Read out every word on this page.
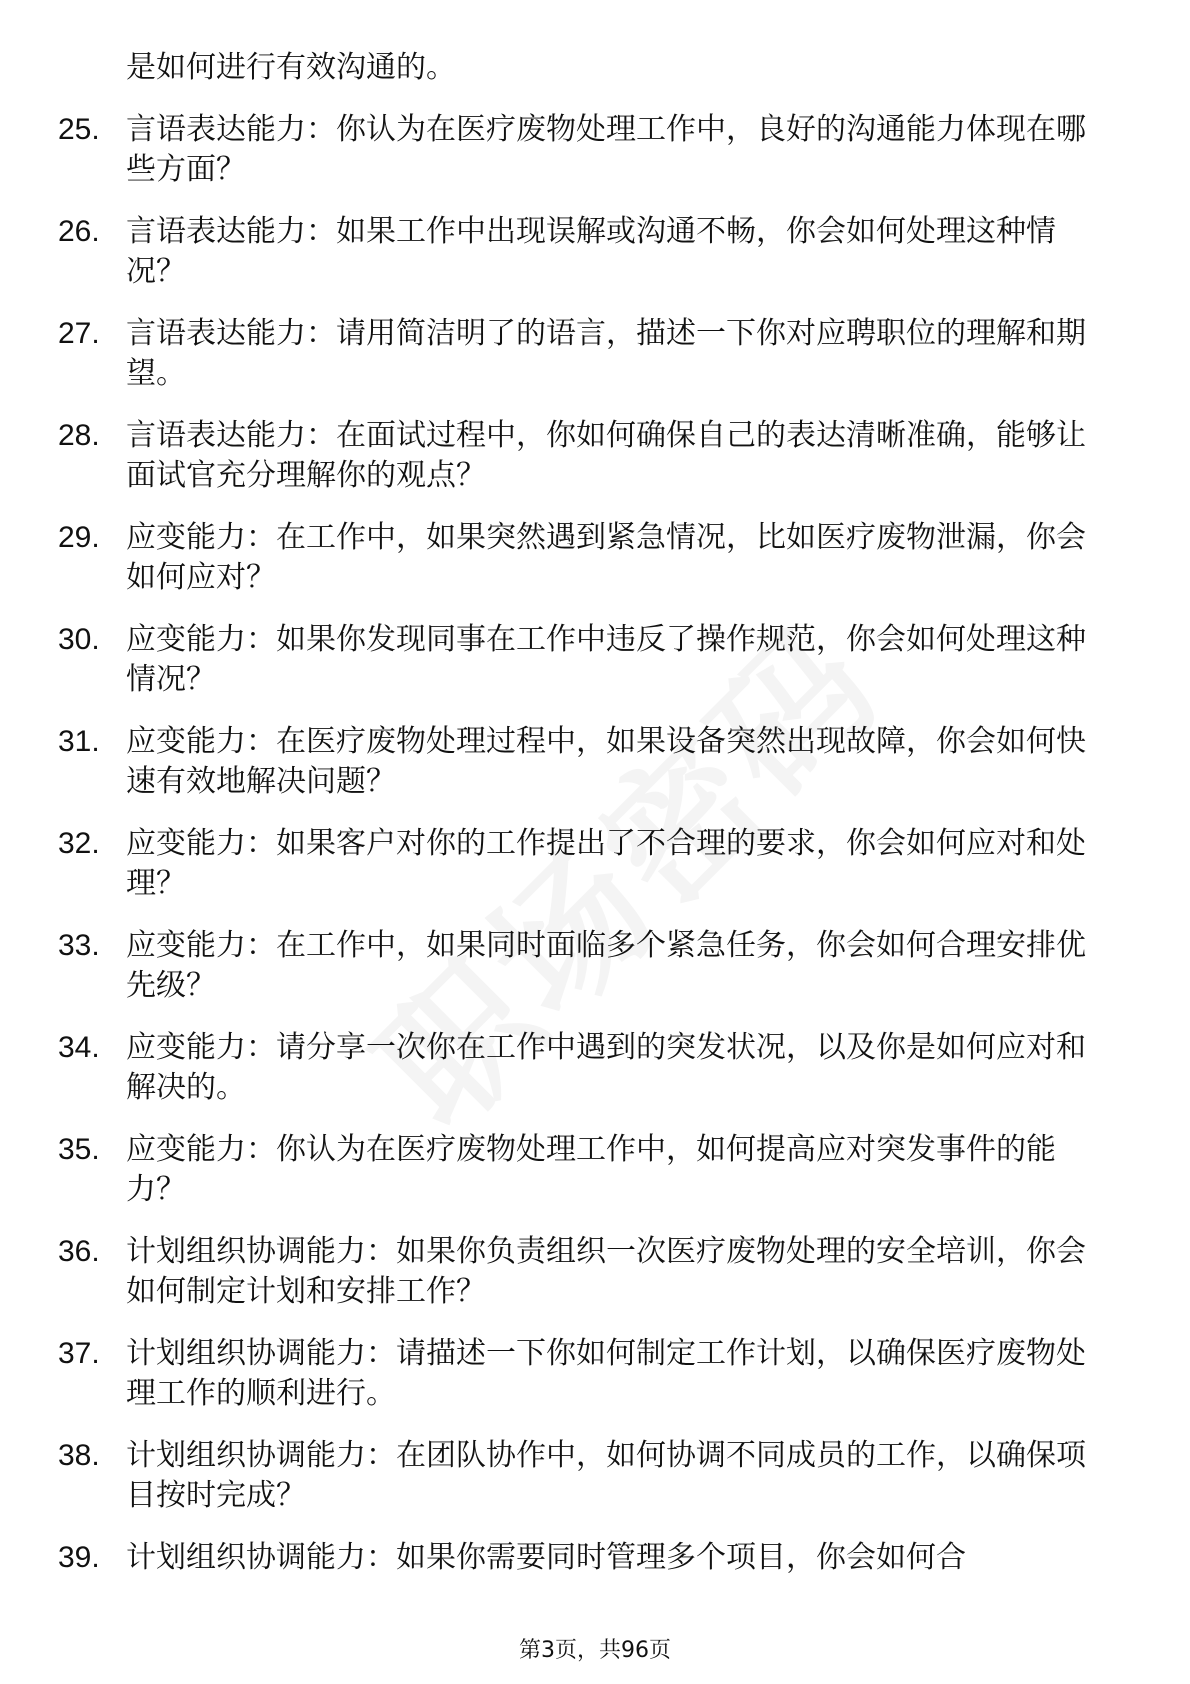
是如何进行有效沟通的。
25. 言语表达能力：你认为在医疗废物处理工作中，良好的沟通能力体现在哪些方面？
26. 言语表达能力：如果工作中出现误解或沟通不畅，你会如何处理这种情况？
27. 言语表达能力：请用简洁明了的语言，描述一下你对应聘职位的理解和期望。
28. 言语表达能力：在面试过程中，你如何确保自己的表达清晰准确，能够让面试官充分理解你的观点？
29. 应变能力：在工作中，如果突然遇到紧急情况，比如医疗废物泄漏，你会如何应对？
30. 应变能力：如果你发现同事在工作中违反了操作规范，你会如何处理这种情况？
31. 应变能力：在医疗废物处理过程中，如果设备突然出现故障，你会如何快速有效地解决问题？
32. 应变能力：如果客户对你的工作提出了不合理的要求，你会如何应对和处理？
33. 应变能力：在工作中，如果同时面临多个紧急任务，你会如何合理安排优先级？
34. 应变能力：请分享一次你在工作中遇到的突发状况，以及你是如何应对和解决的。
35. 应变能力：你认为在医疗废物处理工作中，如何提高应对突发事件的能力？
36. 计划组织协调能力：如果你负责组织一次医疗废物处理的安全培训，你会如何制定计划和安排工作？
37. 计划组织协调能力：请描述一下你如何制定工作计划，以确保医疗废物处理工作的顺利进行。
38. 计划组织协调能力：在团队协作中，如何协调不同成员的工作，以确保项目按时完成？
39. 计划组织协调能力：如果你需要同时管理多个项目，你会如何合
第3页，共96页
